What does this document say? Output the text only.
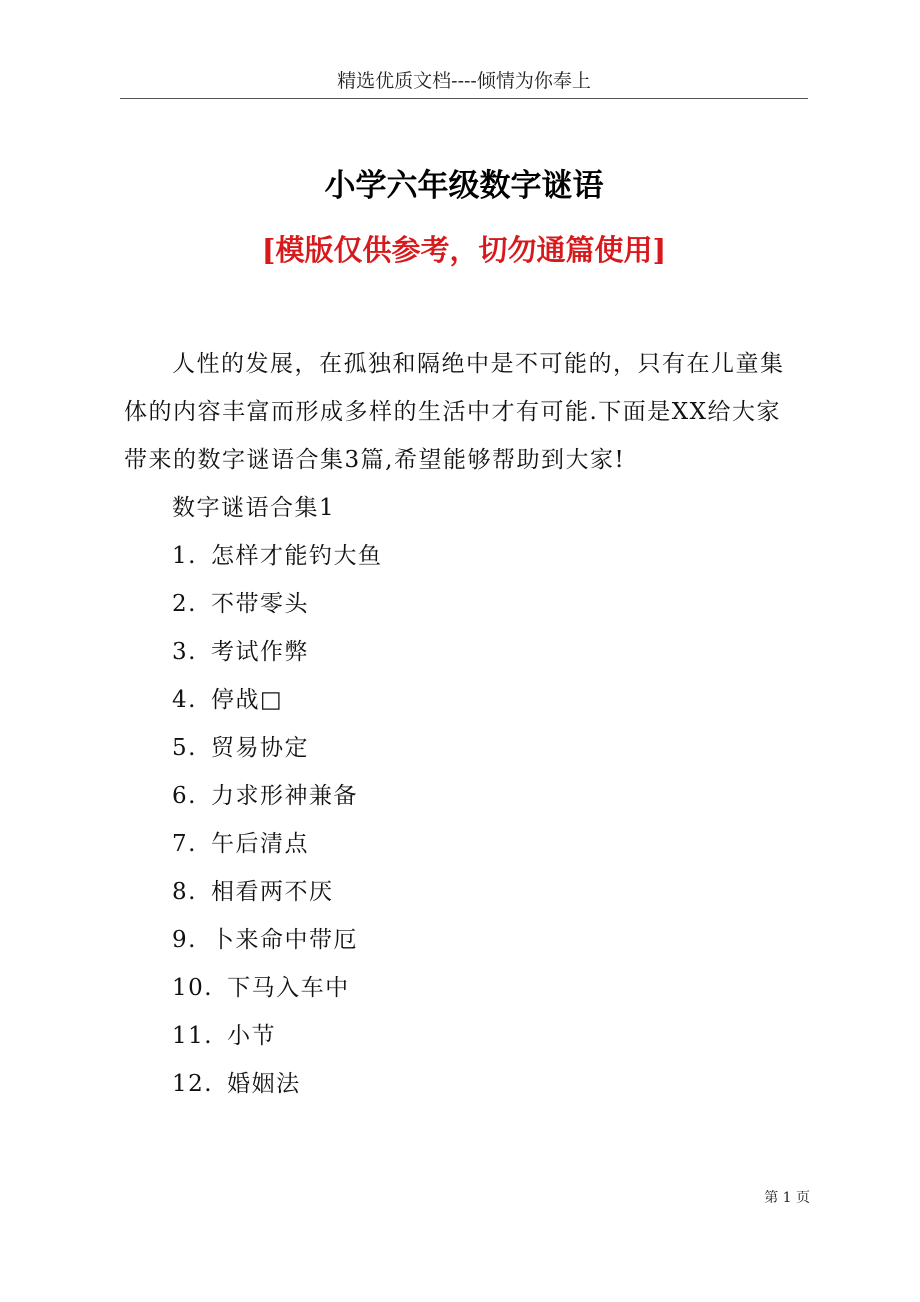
精选优质文档----倾情为你奉上
小学六年级数字谜语
[模版仅供参考，切勿通篇使用]

人性的发展，在孤独和隔绝中是不可能的，只有在儿童集体的内容丰富而形成多样的生活中才有可能.下面是XX给大家带来的数字谜语合集3篇,希望能够帮助到大家!

数字谜语合集1

1. 怎样才能钓大鱼
2. 不带零头
3. 考试作弊
4. 停战□
5. 贸易协定
6. 力求形神兼备
7. 午后清点
8. 相看两不厌
9. 卜来命中带厄
10. 下马入车中
11. 小节
12. 婚姻法
第 1 页
